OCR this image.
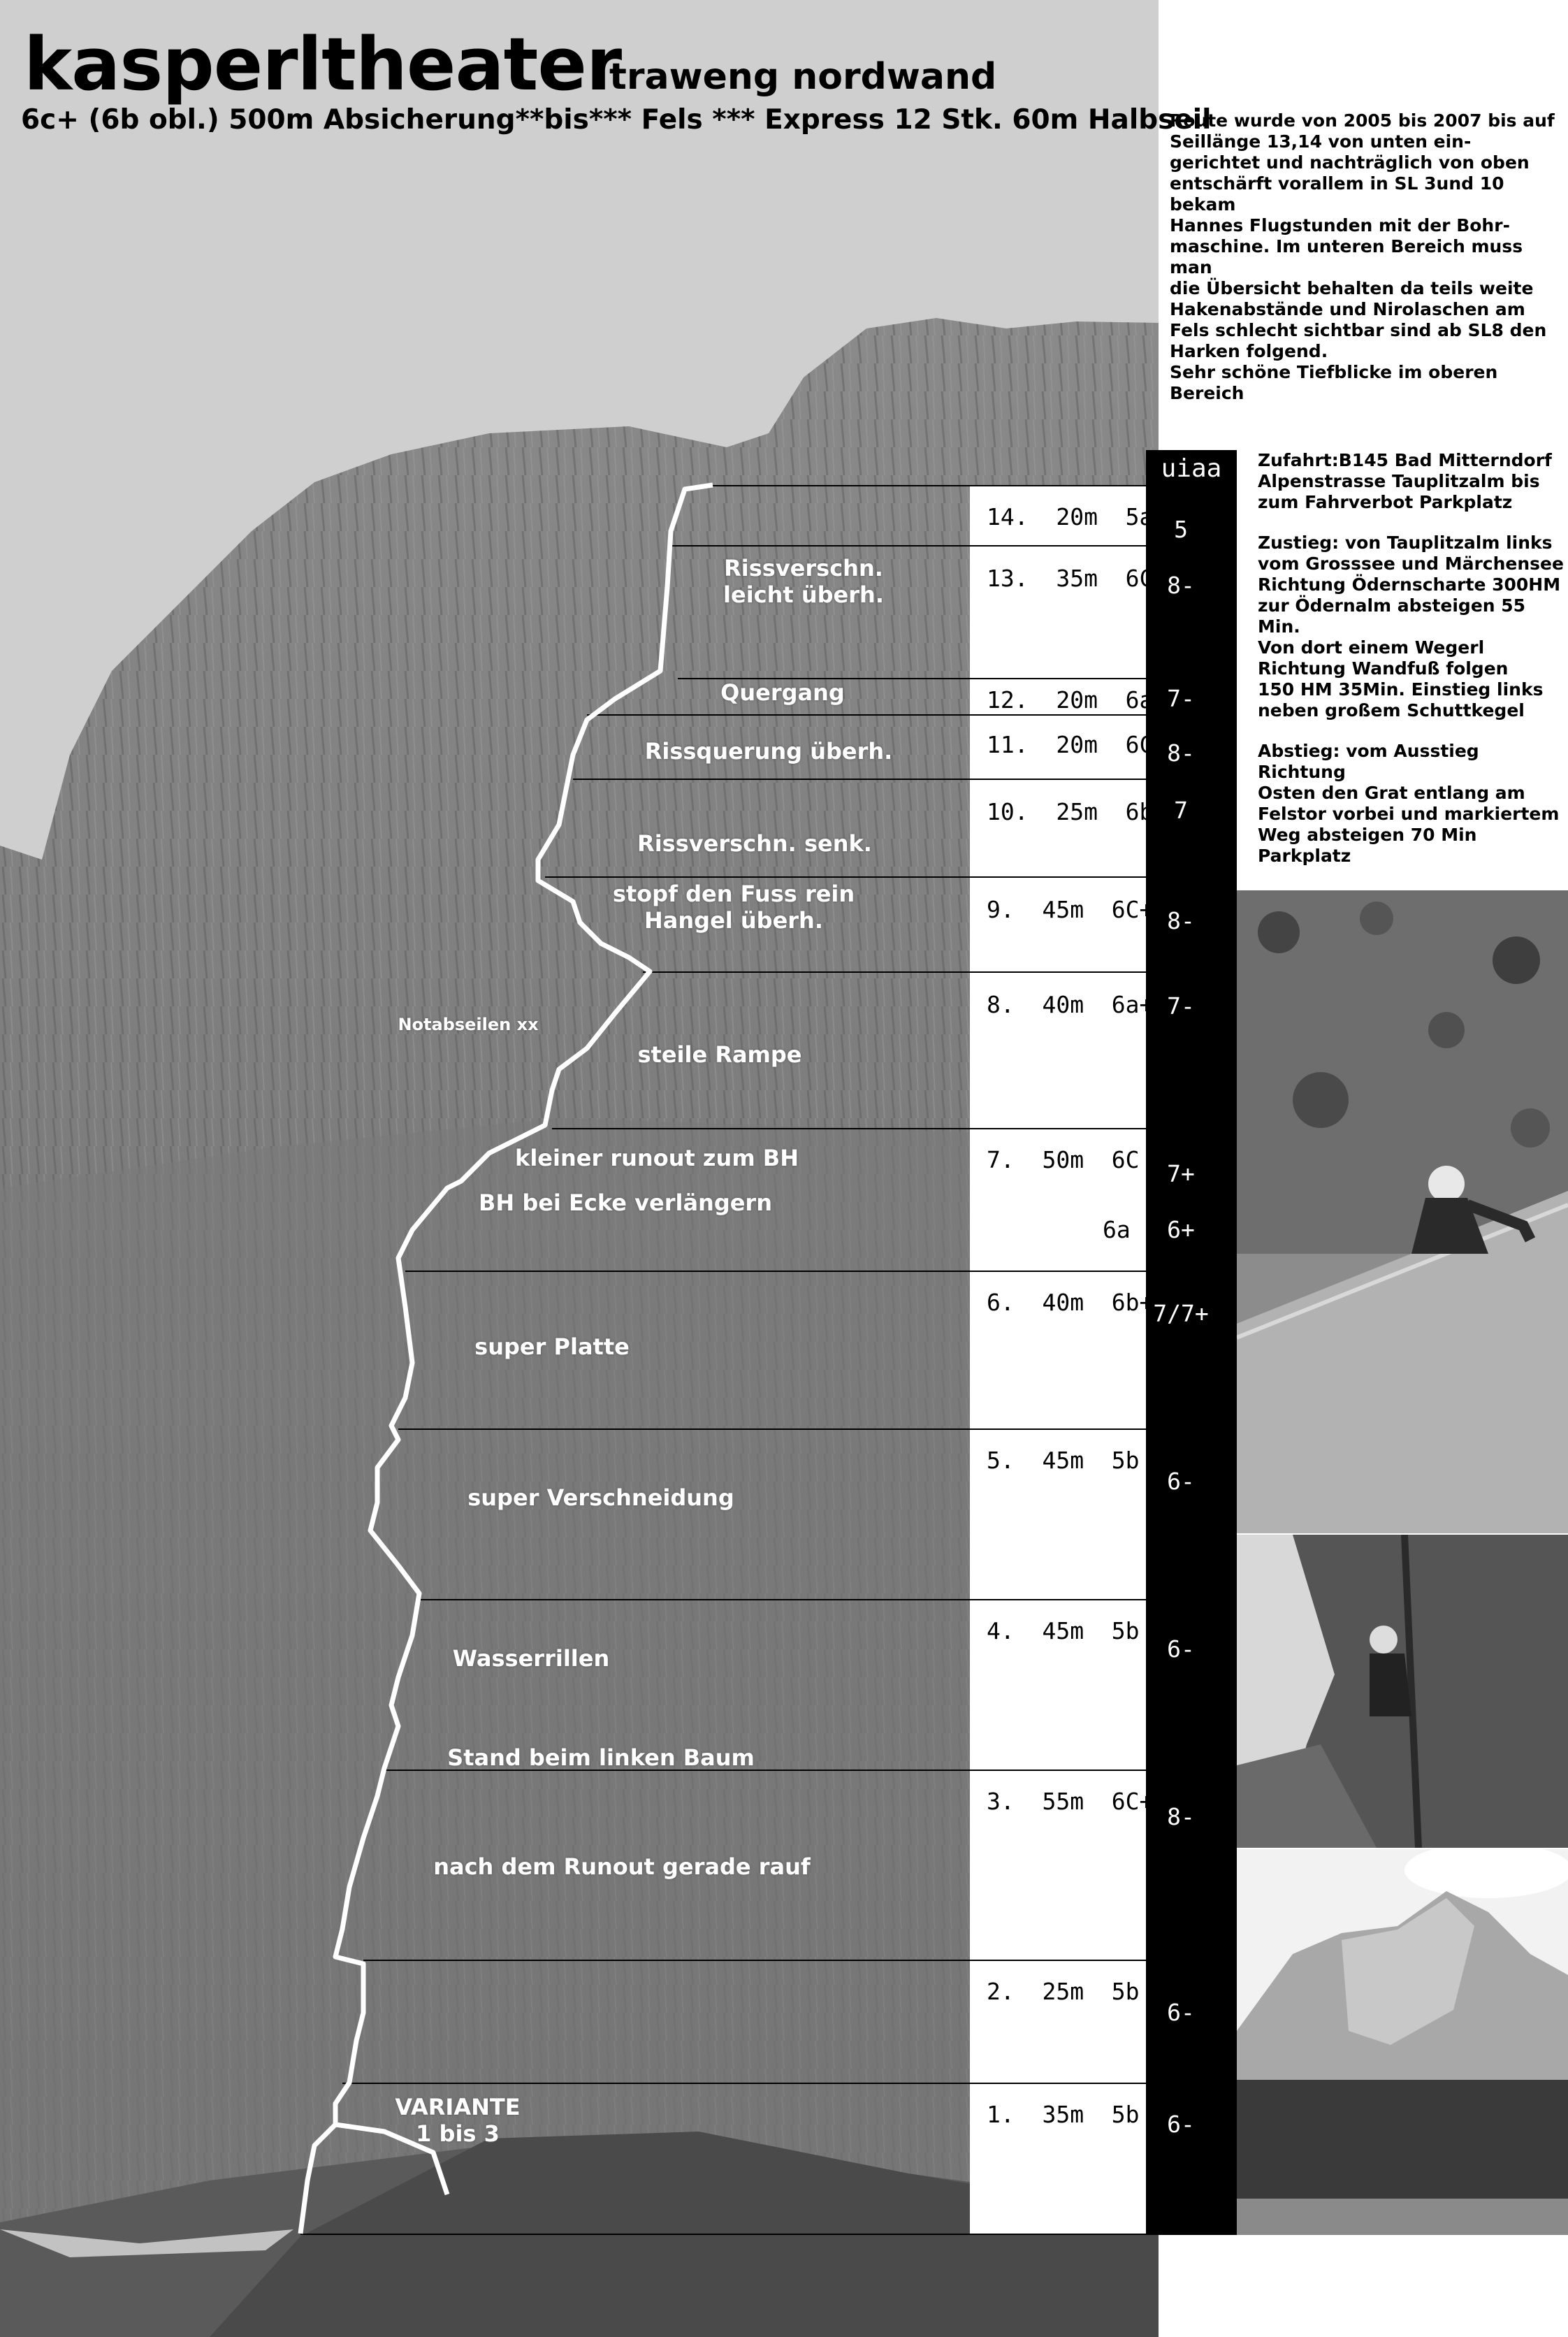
uiaa
Rissverschn.
leicht überh.
Quergang
Rissquerung überh.
Rissverschn. senk.
stopf den Fuss rein
Hangel überh.
Notabseilen xx
steile Rampe
kleiner runout zum BH
BH bei Ecke verlängern
super Platte
super Verschneidung
Wasserrillen
Stand beim linken Baum
nach dem Runout gerade rauf
VARIANTE
1 bis 3
14.  20m  5a
13.  35m  6C+
12.  20m  6a+
11.  20m  6C+
10.  25m  6b
9.  45m  6C+
8.  40m  6a+
7.  50m  6C
6a
6.  40m  6b+
5.  45m  5b
4.  45m  5b
3.  55m  6C+
2.  25m  5b
1.  35m  5b
5
8-
7-
8-
7
8-
7-
7+
6+
7/7+
6-
6-
8-
6-
6-
kasperltheater
traweng nordwand
6c+ (6b obl.) 500m Absicherung**bis*** Fels *** Express 12 Stk. 60m Halbseil
Route wurde von 2005 bis 2007 bis auf
Seillänge 13,14 von unten ein-
gerichtet und nachträglich von oben
entschärft vorallem in SL 3und 10 bekam
Hannes Flugstunden mit der Bohr-
maschine. Im unteren Bereich muss man
die Übersicht behalten da teils weite
Hakenabstände und Nirolaschen am
Fels schlecht sichtbar sind ab SL8 den
Harken folgend.
Sehr schöne Tiefblicke im oberen
Bereich

Zufahrt:B145 Bad Mitterndorf
Alpenstrasse Tauplitzalm bis
zum Fahrverbot Parkplatz

Zustieg: von Tauplitzalm links
vom Grosssee und Märchensee
Richtung Ödernscharte 300HM
zur Ödernalm absteigen 55 Min.
Von dort einem Wegerl
Richtung Wandfuß folgen
150 HM 35Min. Einstieg links
neben großem Schuttkegel

Abstieg: vom Ausstieg Richtung
Osten den Grat entlang am
Felstor vorbei und markiertem
Weg absteigen 70 Min Parkplatz
